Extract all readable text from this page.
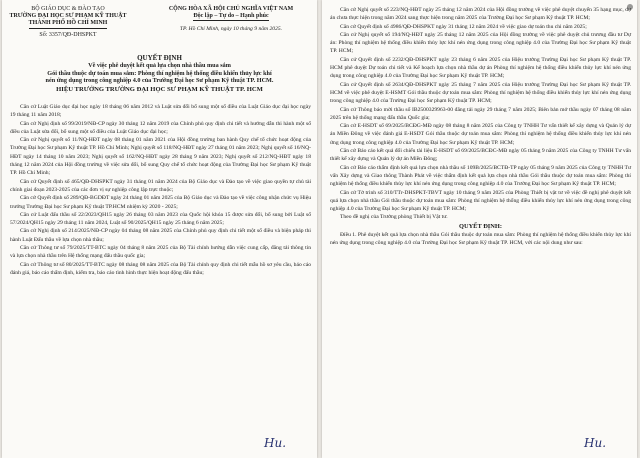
BỘ GIÁO DỤC & ĐÀO TẠO
TRƯỜNG ĐẠI HỌC SƯ PHẠM KỸ THUẬT
THÀNH PHỐ HỒ CHÍ MINH
Số: 3357/QĐ-DHSPKT
CỘNG HÒA XÃ HỘI CHỦ NGHĨA VIỆT NAM
Độc lập – Tự do – Hạnh phúc
TP. Hồ Chí Minh, ngày 10 tháng 9 năm 2025.
QUYẾT ĐỊNH
Về việc phê duyệt kết quả lựa chọn nhà thầu mua sắm
Gói thầu thuộc dự toán mua sắm: Phòng thí nghiệm hệ thống điều khiển thủy lực khí
nén ứng dụng trong công nghiệp 4.0 của Trường Đại học Sư phạm Kỹ thuật TP. HCM.
HIỆU TRƯỞNG TRƯỜNG ĐẠI HỌC SƯ PHẠM KỸ THUẬT TP. HCM

Căn cứ Luật Giáo dục đại học ngày 18 tháng 06 năm 2012 và Luật sửa đổi bổ sung một số điều của Luật Giáo dục đại học ngày 19 tháng 11 năm 2018;

Căn cứ Nghị định số 99/2019/NĐ-CP ngày 30 tháng 12 năm 2019 của Chính phủ quy định chi tiết và hướng dẫn thi hành một số điều của Luật sửa đổi, bổ sung một số điều của Luật Giáo dục đại học;

Căn cứ Nghị quyết số 11/NQ-HĐT ngày 08 tháng 01 năm 2021 của Hội đồng trường ban hành Quy chế tổ chức hoạt động của Trường Đại học Sư phạm Kỹ thuật TP. Hồ Chí Minh; Nghị quyết số 118/NQ-HĐT ngày 27 tháng 01 năm 2023; Nghị quyết số 16/NQ-HĐT ngày 14 tháng 10 năm 2023; Nghị quyết số 162/NQ-HĐT ngày 28 tháng 9 năm 2023; Nghị quyết số 212/NQ-HĐT ngày 18 tháng 12 năm 2024 của Hội đồng trường về việc sửa đổi, bổ sung Quy chế tổ chức hoạt động của Trường Đại học Sư phạm Kỹ thuật TP. Hồ Chí Minh;

Căn cứ Quyết định số 465/QĐ-DHSPKT ngày 31 tháng 01 năm 2024 của Bộ Giáo dục và Đào tạo về việc giao quyền tự chủ tài chính giai đoạn 2023-2025 của các đơn vị sự nghiệp công lập trực thuộc;

Căn cứ Quyết định số 289/QĐ-BGDĐT ngày 24 tháng 01 năm 2025 của Bộ Giáo dục và Đào tạo về việc công nhận chức vụ Hiệu trưởng Trường Đại học Sư phạm Kỹ thuật TP.HCM nhiệm kỳ 2020 - 2025;

Căn cứ Luật đấu thầu số 22/2023/QH15 ngày 26 tháng 03 năm 2023 của Quốc hội khóa 15 được sửa đổi, bổ sung bởi Luật số 57/2024/QH15 ngày 29 tháng 11 năm 2024, Luật số 90/2025/QH15 ngày 25 tháng 6 năm 2025;

Căn cứ Nghị định số 214/2025/NĐ-CP ngày 04 tháng 08 năm 2025 của Chính phủ quy định chi tiết một số điều và biện pháp thi hành Luật Đấu thầu về lựa chọn nhà thầu;

Căn cứ Thông tư số 79/2025/TT-BTC ngày 04 tháng 8 năm 2025 của Bộ Tài chính hướng dẫn việc cung cấp, đăng tải thông tin và lựa chọn nhà thầu trên Hệ thống mạng đấu thầu quốc gia;

Căn cứ Thông tư số 80/2025/TT-BTC ngày 08 tháng 08 năm 2025 của Bộ Tài chính quy định chi tiết mẫu hồ sơ yêu cầu, báo cáo đánh giá, báo cáo thẩm định, kiểm tra, báo cáo tình hình thực hiện hoạt động đấu thầu;

Hu.

Căn cứ Nghị quyết số 223/NQ-HĐT ngày 25 tháng 12 năm 2024 của Hội đồng trường về việc phê duyệt chuyển 35 hạng mục, dự án chưa thực hiện trong năm 2024 sang thực hiện trong năm 2025 của Trường Đại học Sư phạm Kỹ thuật TP. HCM;

Căn cứ Quyết định số 4986/QĐ-DHSPKT ngày 31 tháng 12 năm 2024 về việc giao dự toán thu chi năm 2025;

Căn cứ Nghị quyết số 194/NQ-HĐT ngày 25 tháng 12 năm 2025 của Hội đồng trường về việc phê duyệt chủ trương đầu tư Dự án: Phòng thí nghiệm hệ thống điều khiển thủy lực khí nén ứng dụng trong công nghiệp 4.0 của Trường Đại học Sư phạm Kỹ thuật TP. HCM;

Căn cứ Quyết định số 2232/QĐ-DHSPKT ngày 23 tháng 6 năm 2025 của Hiệu trưởng Trường Đại học Sư phạm Kỹ thuật TP. HCM phê duyệt Dự toán chi tiết và Kế hoạch lựa chọn nhà thầu dự án Phòng thí nghiệm hệ thống điều khiển thủy lực khí nén ứng dụng trong công nghiệp 4.0 của Trường Đại học Sư phạm Kỹ thuật TP. HCM;

Căn cứ Quyết định số 2634/QĐ-DHSPKT ngày 25 tháng 7 năm 2025 của Hiệu trưởng Trường Đại học Sư phạm Kỹ thuật TP. HCM về việc phê duyệt E-HSMT Gói thầu thuộc dự toán mua sắm: Phòng thí nghiệm hệ thống điều khiển thủy lực khí nén ứng dụng trong công nghiệp 4.0 của Trường Đại học Sư phạm Kỹ thuật TP. HCM;

Căn cứ Thông báo mời thầu số IB2500329963-00 đăng tải ngày 29 tháng 7 năm 2025; Biên bản mở thầu ngày 07 tháng 08 năm 2025 trên hệ thống mạng đấu thầu Quốc gia;

Căn cứ E-HSDT số 69/2025/BCĐG-MĐ ngày 08 tháng 8 năm 2025 của Công ty TNHH Tư vấn thiết kế xây dựng và Quản lý dự án Miền Đông về việc đánh giá E-HSDT Gói thầu thuộc dự toán mua sắm: Phòng thí nghiệm hệ thống điều khiển thủy lực khí nén ứng dụng trong công nghiệp 4.0 của Trường Đại học Sư phạm Kỹ thuật TP. HCM;

Căn cứ Báo cáo kết quả đối chiếu tài liệu E-HSDT số 69/2025/BCĐC-MĐ ngày 05 tháng 9 năm 2025 của Công ty TNHH Tư vấn thiết kế xây dựng và Quản lý dự án Miền Đông;

Căn cứ Báo cáo thẩm định kết quả lựa chọn nhà thầu số 109B/2025/BCTĐ-TP ngày 05 tháng 9 năm 2025 của Công ty TNHH Tư vấn Xây dựng và Giao thông Thành Phát về việc thẩm định kết quả lựa chọn nhà thầu Gói thầu thuộc dự toán mua sắm: Phòng thí nghiệm hệ thống điều khiển thủy lực khí nén ứng dụng trong công nghiệp 4.0 của Trường Đại học Sư phạm Kỹ thuật TP. HCM;

Căn cứ Tờ trình số 310/TTr-DHSPKT-TBVT ngày 10 tháng 9 năm 2025 của Phòng Thiết bị vật tư về việc đề nghị phê duyệt kết quả lựa chọn nhà thầu Gói thầu thuộc dự toán mua sắm: Phòng thí nghiệm hệ thống điều khiển thủy lực khí nén ứng dụng trong công nghiệp 4.0 của Trường Đại học Sư phạm Kỹ thuật TP. HCM;

Theo đề nghị của Trưởng phòng Thiết bị Vật tư.

QUYẾT ĐỊNH:

Điều 1. Phê duyệt kết quả lựa chọn nhà thầu Gói thầu thuộc dự toán mua sắm: Phòng thí nghiệm hệ thống điều khiển thủy lực khí nén ứng dụng trong công nghiệp 4.0 của Trường Đại học Sư phạm Kỹ thuật TP. HCM, với các nội dung như sau:

Hu.
